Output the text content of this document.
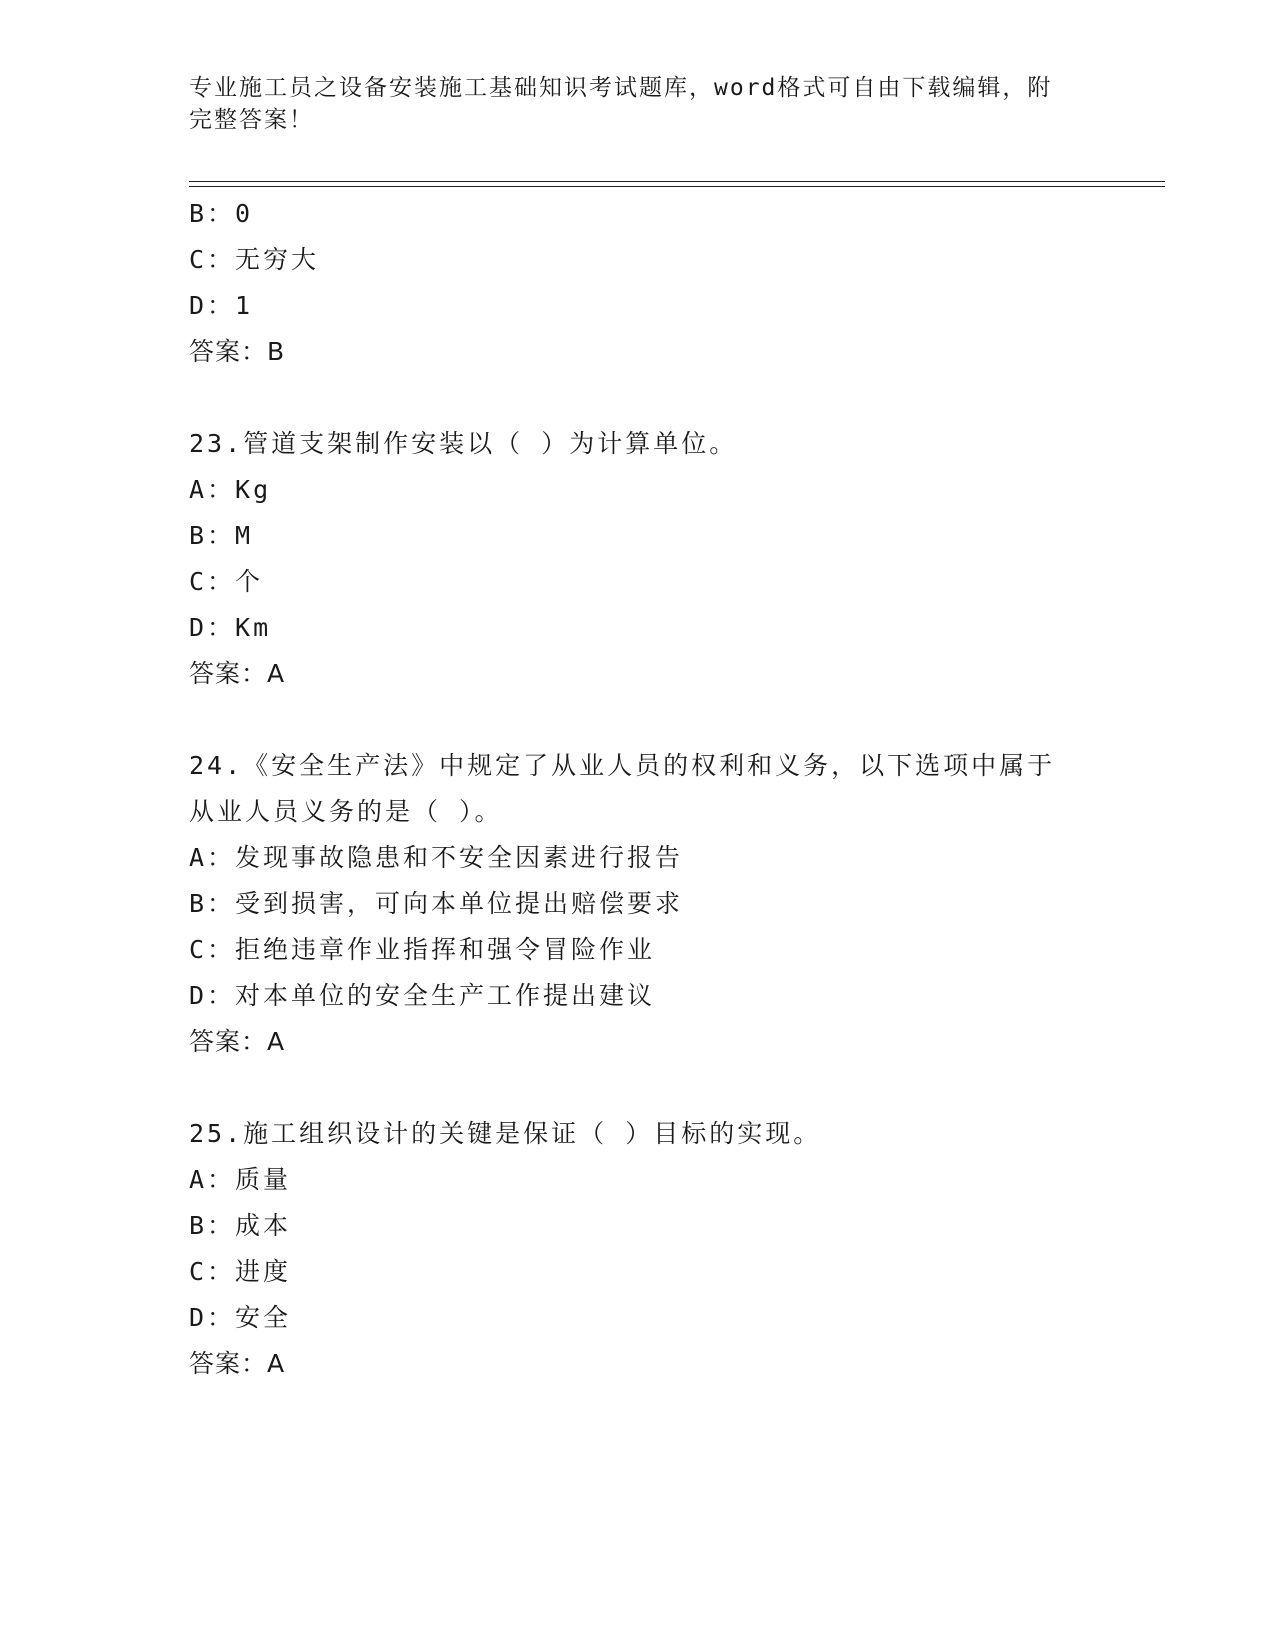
专业施工员之设备安装施工基础知识考试题库，word格式可自由下载编辑，附完整答案！
B：0
C：无穷大
D：1
答案：B
23.管道支架制作安装以（ ）为计算单位。
A：Kg
B：M
C：个
D：Km
答案：A
24.《安全生产法》中规定了从业人员的权利和义务，以下选项中属于
从业人员义务的是（ ）。
A：发现事故隐患和不安全因素进行报告
B：受到损害，可向本单位提出赔偿要求
C：拒绝违章作业指挥和强令冒险作业
D：对本单位的安全生产工作提出建议
答案：A
25.施工组织设计的关键是保证（ ）目标的实现。
A：质量
B：成本
C：进度
D：安全
答案：A
